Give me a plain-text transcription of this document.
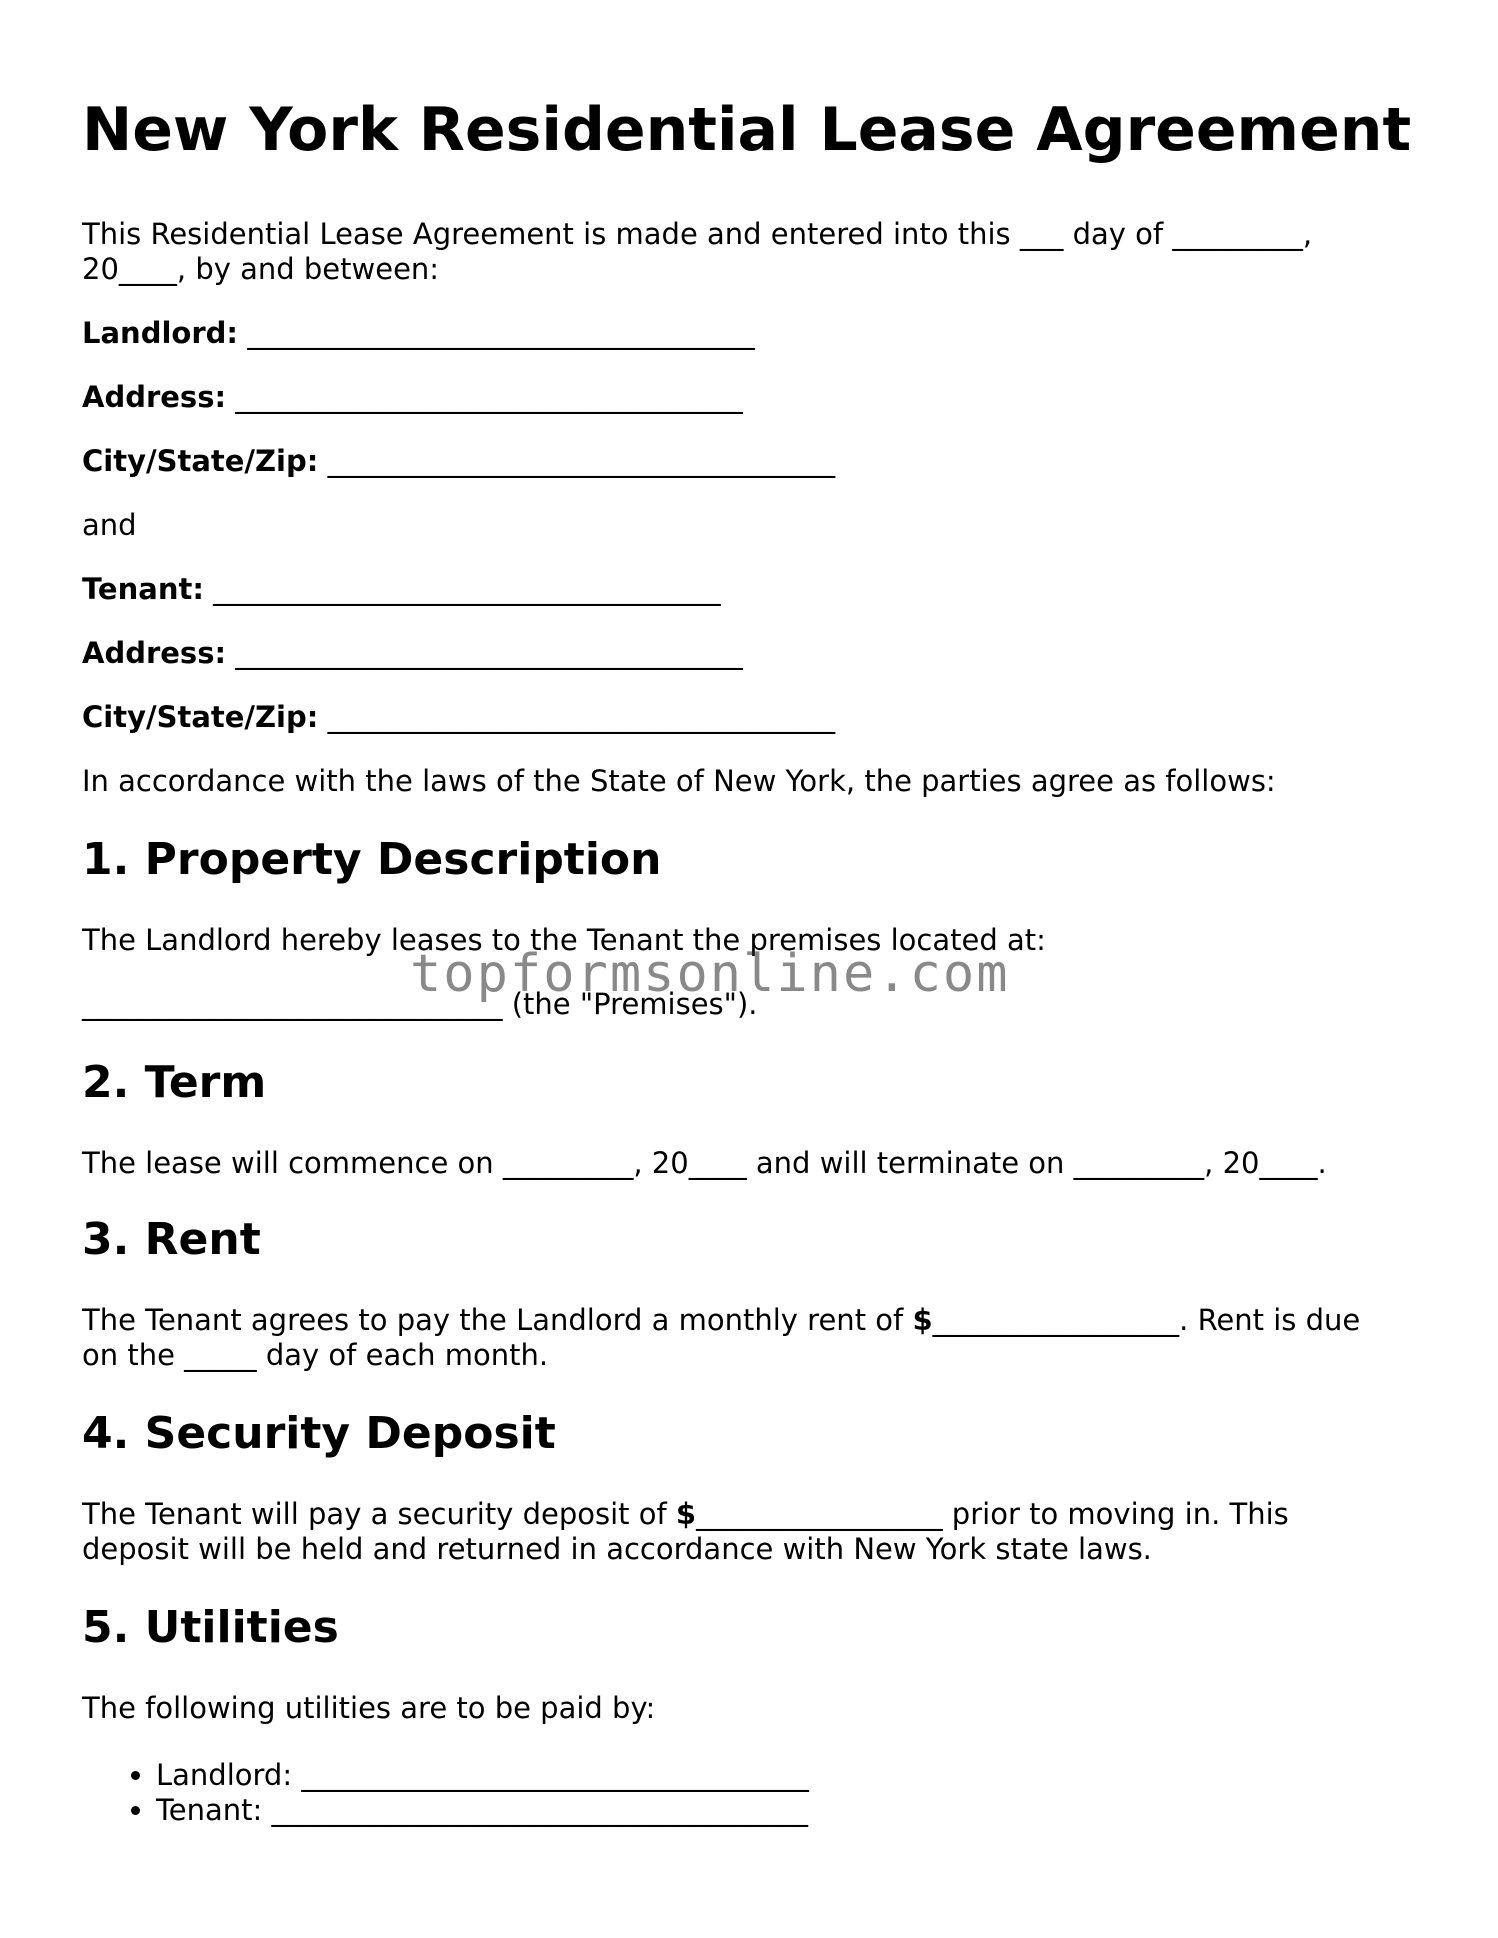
New York Residential Lease Agreement

This Residential Lease Agreement is made and entered into this ___ day of _________,

20____, by and between:

Landlord: ___________________________________

Address: ___________________________________

City/State/Zip: ___________________________________

and

Tenant: ___________________________________

Address: ___________________________________

City/State/Zip: ___________________________________

In accordance with the laws of the State of New York, the parties agree as follows:

1. Property Description

The Landlord hereby leases to the Tenant the premises located at:

_____________________________ (the "Premises").

2. Term

The lease will commence on _________, 20____ and will terminate on _________, 20____.

3. Rent

The Tenant agrees to pay the Landlord a monthly rent of $_________________. Rent is due

on the _____ day of each month.

4. Security Deposit

The Tenant will pay a security deposit of $_________________ prior to moving in. This

deposit will be held and returned in accordance with New York state laws.

5. Utilities

The following utilities are to be paid by:

• Landlord: ___________________________________
• Tenant: _____________________________________
topformsonline.com
